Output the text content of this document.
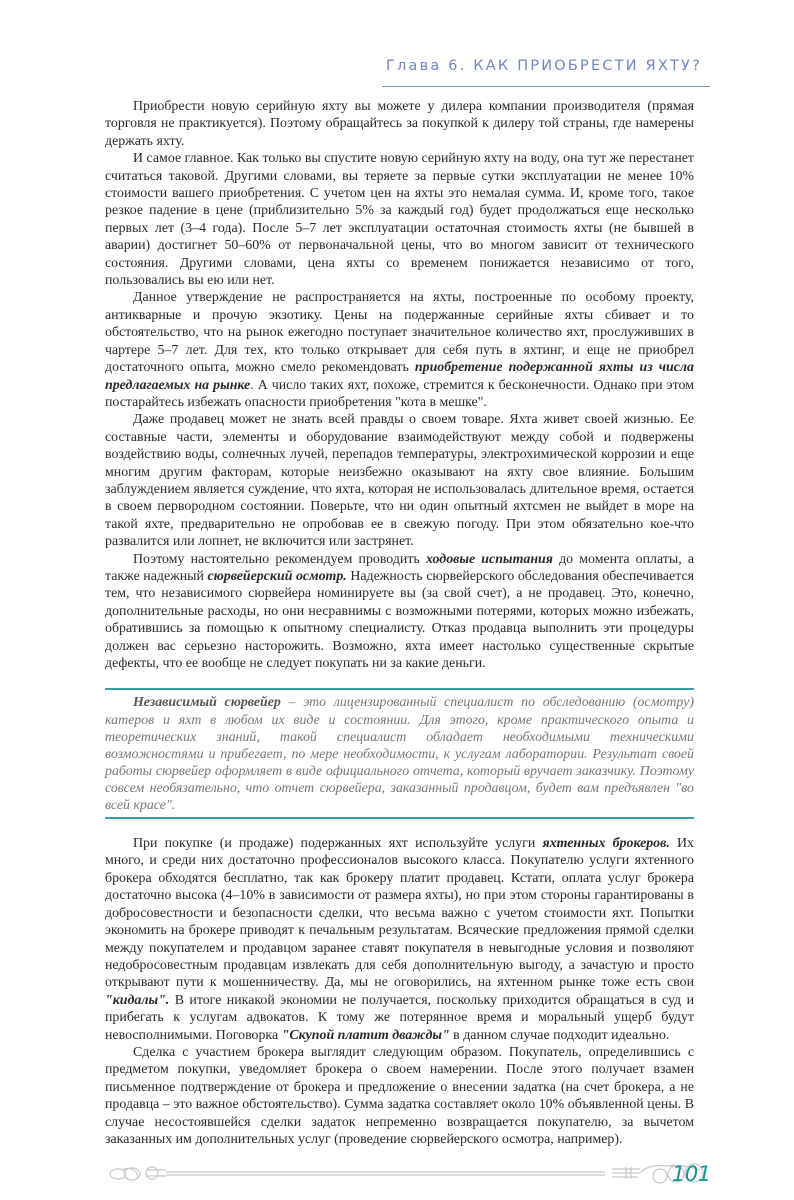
Глава 6. КАК ПРИОБРЕСТИ ЯХТУ?

Приобрести новую серийную яхту вы можете у дилера компании производителя (прямая торговля не практикуется). Поэтому обращайтесь за покупкой к дилеру той страны, где намерены держать яхту.

И самое главное. Как только вы спустите новую серийную яхту на воду, она тут же перестанет считаться таковой. Другими словами, вы теряете за первые сутки эксплуатации не менее 10% стоимости вашего приобретения. С учетом цен на яхты это немалая сумма. И, кроме того, такое резкое падение в цене (приблизительно 5% за каждый год) будет продолжаться еще несколько первых лет (3–4 года). После 5–7 лет эксплуатации остаточная стоимость яхты (не бывшей в аварии) достигнет 50–60% от первоначальной цены, что во многом зависит от технического состояния. Другими словами, цена яхты со временем понижается независимо от того, пользовались вы ею или нет.

Данное утверждение не распространяется на яхты, построенные по особому проекту, антикварные и прочую экзотику. Цены на подержанные серийные яхты сбивает и то обстоятельство, что на рынок ежегодно поступает значительное количество яхт, прослуживших в чартере 5–7 лет. Для тех, кто только открывает для себя путь в яхтинг, и еще не приобрел достаточного опыта, можно смело рекомендовать приобретение подержанной яхты из числа предлагаемых на рынке. А число таких яхт, похоже, стремится к бесконечности. Однако при этом постарайтесь избежать опасности приобретения "кота в мешке".

Даже продавец может не знать всей правды о своем товаре. Яхта живет своей жизнью. Ее составные части, элементы и оборудование взаимодействуют между собой и подвержены воздействию воды, солнечных лучей, перепадов температуры, электрохимической коррозии и еще многим другим факторам, которые неизбежно оказывают на яхту свое влияние. Большим заблуждением является суждение, что яхта, которая не использовалась длительное время, остается в своем первородном состоянии. Поверьте, что ни один опытный яхтсмен не выйдет в море на такой яхте, предварительно не опробовав ее в свежую погоду. При этом обязательно кое-что развалится или лопнет, не включится или застрянет.

Поэтому настоятельно рекомендуем проводить ходовые испытания до момента оплаты, а также надежный сюрвейерский осмотр. Надежность сюрвейерского обследования обеспечивается тем, что независимого сюрвейера номинируете вы (за свой счет), а не продавец. Это, конечно, дополнительные расходы, но они несравнимы с возможными потерями, которых можно избежать, обратившись за помощью к опытному специалисту. Отказ продавца выполнить эти процедуры должен вас серьезно насторожить. Возможно, яхта имеет настолько существенные скрытые дефекты, что ее вообще не следует покупать ни за какие деньги.

Независимый сюрвейер – это лицензированный специалист по обследованию (осмотру) катеров и яхт в любом их виде и состоянии. Для этого, кроме практического опыта и теоретических знаний, такой специалист обладает необходимыми техническими возможностями и прибегает, по мере необходимости, к услугам лаборатории. Результат своей работы сюрвейер оформляет в виде официального отчета, который вручает заказчику. Поэтому совсем необязательно, что отчет сюрвейера, заказанный продавцом, будет вам предъявлен "во всей красе".

При покупке (и продаже) подержанных яхт используйте услуги яхтенных брокеров. Их много, и среди них достаточно профессионалов высокого класса. Покупателю услуги яхтенного брокера обходятся бесплатно, так как брокеру платит продавец. Кстати, оплата услуг брокера достаточно высока (4–10% в зависимости от размера яхты), но при этом стороны гарантированы в добросовестности и безопасности сделки, что весьма важно с учетом стоимости яхт. Попытки экономить на брокере приводят к печальным результатам. Всяческие предложения прямой сделки между покупателем и продавцом заранее ставят покупателя в невыгодные условия и позволяют недобросовестным продавцам извлекать для себя дополнительную выгоду, а зачастую и просто открывают пути к мошенничеству. Да, мы не оговорились, на яхтенном рынке тоже есть свои "кидалы". В итоге никакой экономии не получается, поскольку приходится обращаться в суд и прибегать к услугам адвокатов. К тому же потерянное время и моральный ущерб будут невосполнимыми. Поговорка "Скупой платит дважды" в данном случае подходит идеально.

Сделка с участием брокера выглядит следующим образом. Покупатель, определившись с предметом покупки, уведомляет брокера о своем намерении. После этого получает взамен письменное подтверждение от брокера и предложение о внесении задатка (на счет брокера, а не продавца – это важное обстоятельство). Сумма задатка составляет около 10% объявленной цены. В случае несостоявшейся сделки задаток непременно возвращается покупателю, за вычетом заказанных им дополнительных услуг (проведение сюрвейерского осмотра, например).

101
